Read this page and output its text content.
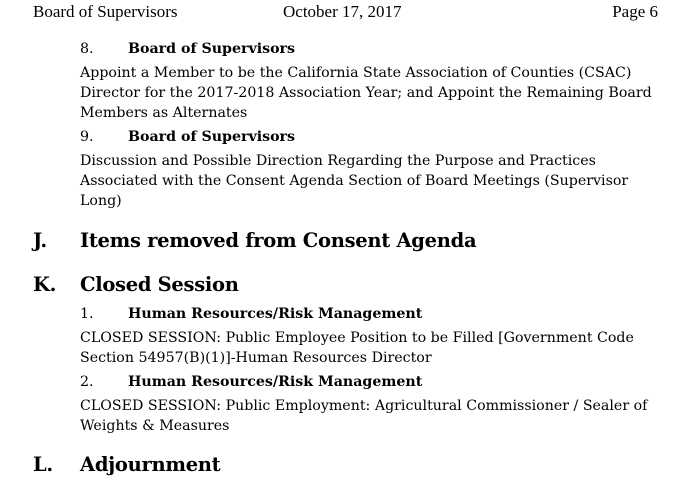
Board of Supervisors	October 17, 2017	Page 6
8. Board of Supervisors
Appoint a Member to be the California State Association of Counties (CSAC)
Director for the 2017-2018 Association Year; and Appoint the Remaining Board
Members as Alternates
9. Board of Supervisors
Discussion and Possible Direction Regarding the Purpose and Practices
Associated with the Consent Agenda Section of Board Meetings (Supervisor
Long)
J. Items removed from Consent Agenda
K. Closed Session
1. Human Resources/Risk Management
CLOSED SESSION: Public Employee Position to be Filled [Government Code
Section 54957(B)(1)]-Human Resources Director
2. Human Resources/Risk Management
CLOSED SESSION: Public Employment: Agricultural Commissioner / Sealer of
Weights & Measures
L. Adjournment
